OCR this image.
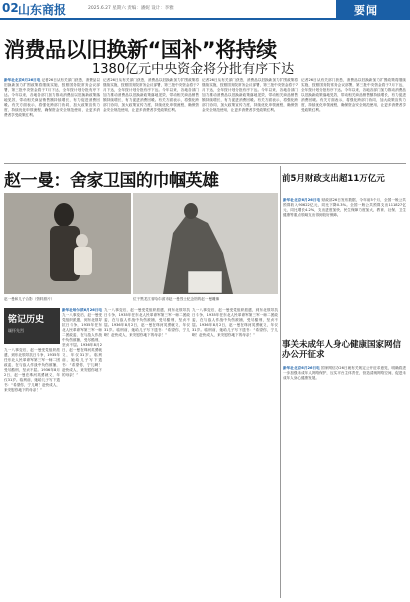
02 山东商报	2025.6.27 星期六 责编：潘妮 设计：李雅	要闻
消费品以旧换新“国补”将持续
1380亿元中央资金将分批有序下达
新华社北京6月26日电 记者26日从有关部门获悉，消费品以旧换新加力扩围政策将继续实施，按照国务院常务会议部署，第三批中央资金将于7月下达，全年按计划分批有序下达。今年以来，各地各部门加力推动消费品以旧换新政策落地见效，带动相关商品销售额持续增长，有力促进消费回暖。有关方面表示，将强化跨部门协同，加大政策宣传力度，持续优化申领流程，确保资金安全规范使用，让更多消费者享受政策红利。
记者26日从有关部门获悉，消费品以旧换新加力扩围政策将继续实施，按照国务院常务会议部署，第三批中央资金将于7月下达，全年按计划分批有序下达。今年以来，各地各部门加力推动消费品以旧换新政策落地见效，带动相关商品销售额持续增长，有力促进消费回暖。有关方面表示，将强化跨部门协同，加大政策宣传力度，持续优化申领流程，确保资金安全规范使用，让更多消费者享受政策红利。
记者26日从有关部门获悉，消费品以旧换新加力扩围政策将继续实施，按照国务院常务会议部署，第三批中央资金将于7月下达，全年按计划分批有序下达。今年以来，各地各部门加力推动消费品以旧换新政策落地见效，带动相关商品销售额持续增长，有力促进消费回暖。有关方面表示，将强化跨部门协同，加大政策宣传力度，持续优化申领流程，确保资金安全规范使用，让更多消费者享受政策红利。
记者26日从有关部门获悉，消费品以旧换新加力扩围政策将继续实施，按照国务院常务会议部署，第三批中央资金将于7月下达，全年按计划分批有序下达。今年以来，各地各部门加力推动消费品以旧换新政策落地见效，带动相关商品销售额持续增长，有力促进消费回暖。有关方面表示，将强化跨部门协同，加大政策宣传力度，持续优化申领流程，确保资金安全规范使用，让更多消费者享受政策红利。
赵一曼：舍家卫国的巾帼英雄
赵一曼和儿子合影（资料照片）	位于黑龙江省哈尔滨市赵一曼烈士纪念馆的赵一曼雕像
铭记历史
缅怀先烈
新华社哈尔滨6月26日电 九一八事变后，赵一曼受党组织派遣，到东北领导抗日斗争，1935年任东北人民革命军第三军一师二团政委，在与敌人作战中负伤被捕，受尽酷刑，坚贞不屈。1936年8月2日，赵一曼在珠河英勇就义，年仅31岁。临刑前，她给儿子写下遗书：“希望你，宁儿啊！赶快成人，来安慰你地下的母亲！”
九一八事变后，赵一曼受党组织派遣，到东北领导抗日斗争，1935年任东北人民革命军第三军一师二团政委，在与敌人作战中负伤被捕，受尽酷刑，坚贞不屈。1936年8月2日，赵一曼在珠河英勇就义，年仅31岁。临刑前，她给儿子写下遗书：“希望你，宁儿啊！赶快成人，来安慰你地下的母亲！”
九一八事变后，赵一曼受党组织派遣，到东北领导抗日斗争，1935年任东北人民革命军第三军一师二团政委，在与敌人作战中负伤被捕，受尽酷刑，坚贞不屈。1936年8月2日，赵一曼在珠河英勇就义，年仅31岁。临刑前，她给儿子写下遗书：“希望你，宁儿啊！赶快成人，来安慰你地下的母亲！”
九一八事变后，赵一曼受党组织派遣，到东北领导抗日斗争，1935年任东北人民革命军第三军一师二团政委，在与敌人作战中负伤被捕，受尽酷刑，坚贞不屈。1936年8月2日，赵一曼在珠河英勇就义，年仅31岁。临刑前，她给儿子写下遗书：“希望你，宁儿啊！赶快成人，来安慰你地下的母亲！”
前5月财政支出超11万亿元
新华社北京6月26日电 财政部26日发布数据，今年前5个月，全国一般公共预算收入90622亿元，同比下降0.3%。全国一般公共预算支出111827亿元，同比增长4.2%，支出进度加快，民生保障力度加大，教育、社保、卫生健康等重点领域支出得到较好保障。
事关未成年人身心健康国家网信办公开征求
新华社北京6月26日电 国家网信办26日就有关规定公开征求意见，明确将进一步加强未成年人网络保护，压实平台主体责任，营造清朗网络空间，促进未成年人身心健康发展。
